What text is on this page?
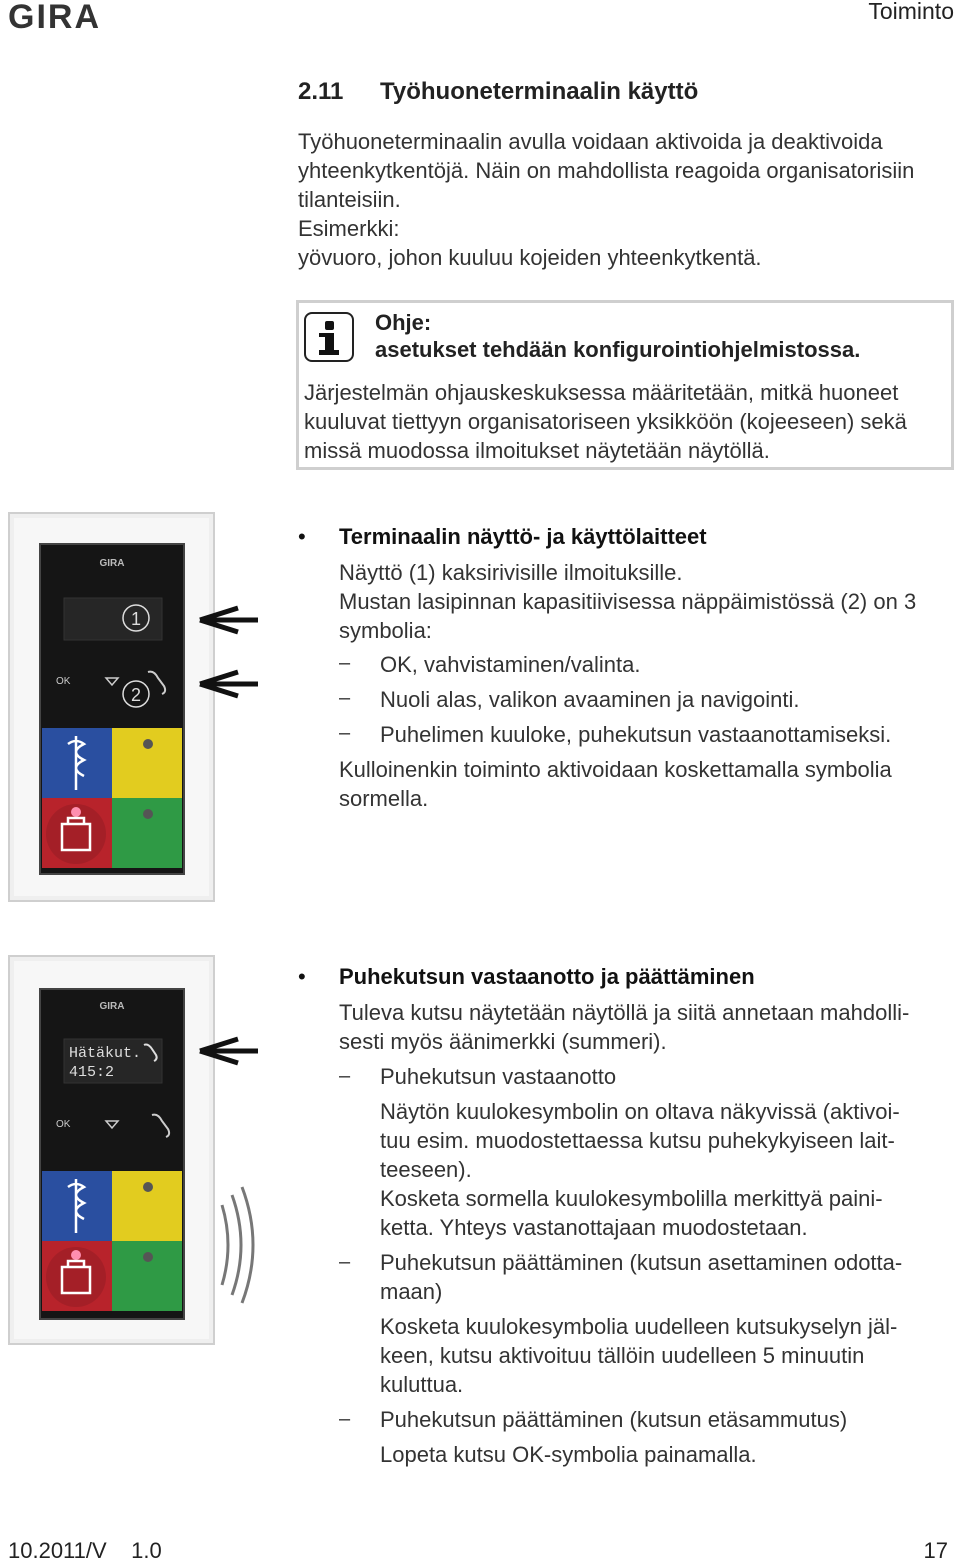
GIRA	Toiminto
2.11 Työhuoneterminaalin käyttö
Työhuoneterminaalin avulla voidaan aktivoida ja deaktivoida
yhteenkytkentöjä. Näin on mahdollista reagoida organisatorisiin
tilanteisiin.
Esimerkki:
yövuoro, johon kuuluu kojeiden yhteenkytkentä.
Ohje:
asetukset tehdään konfigurointiohjelmistossa.
Järjestelmän ohjauskeskuksessa määritetään, mitkä huoneet
kuuluvat tiettyyn organisatoriseen yksikköön (kojeeseen) sekä
missä muodossa ilmoitukset näytetään näytöllä.
GIRA
1
OK
2
• Terminaalin näyttö- ja käyttölaitteet
Näyttö (1) kaksirivisille ilmoituksille.
Mustan lasipinnan kapasitiivisessa näppäimistössä (2) on 3
symbolia:
– OK, vahvistaminen/valinta.
– Nuoli alas, valikon avaaminen ja navigointi.
– Puhelimen kuuloke, puhekutsun vastaanottamiseksi.
Kulloinenkin toiminto aktivoidaan koskettamalla symbolia
sormella.
GIRA
Hätäkut.
415:2
OK
• Puhekutsun vastaanotto ja päättäminen
Tuleva kutsu näytetään näytöllä ja siitä annetaan mahdolli-
sesti myös äänimerkki (summeri).
– Puhekutsun vastaanotto
Näytön kuulokesymbolin on oltava näkyvissä (aktivoi-
tuu esim. muodostettaessa kutsu puhekykyiseen lait-
teeseen).
Kosketa sormella kuulokesymbolilla merkittyä paini-
ketta. Yhteys vastanottajaan muodostetaan.
– Puhekutsun päättäminen (kutsun asettaminen odotta-
maan)
Kosketa kuulokesymbolia uudelleen kutsukyselyn jäl-
keen, kutsu aktivoituu tällöin uudelleen 5 minuutin
kuluttua.
– Puhekutsun päättäminen (kutsun etäsammutus)
Lopeta kutsu OK-symbolia painamalla.
10.2011/V    1.0	17
